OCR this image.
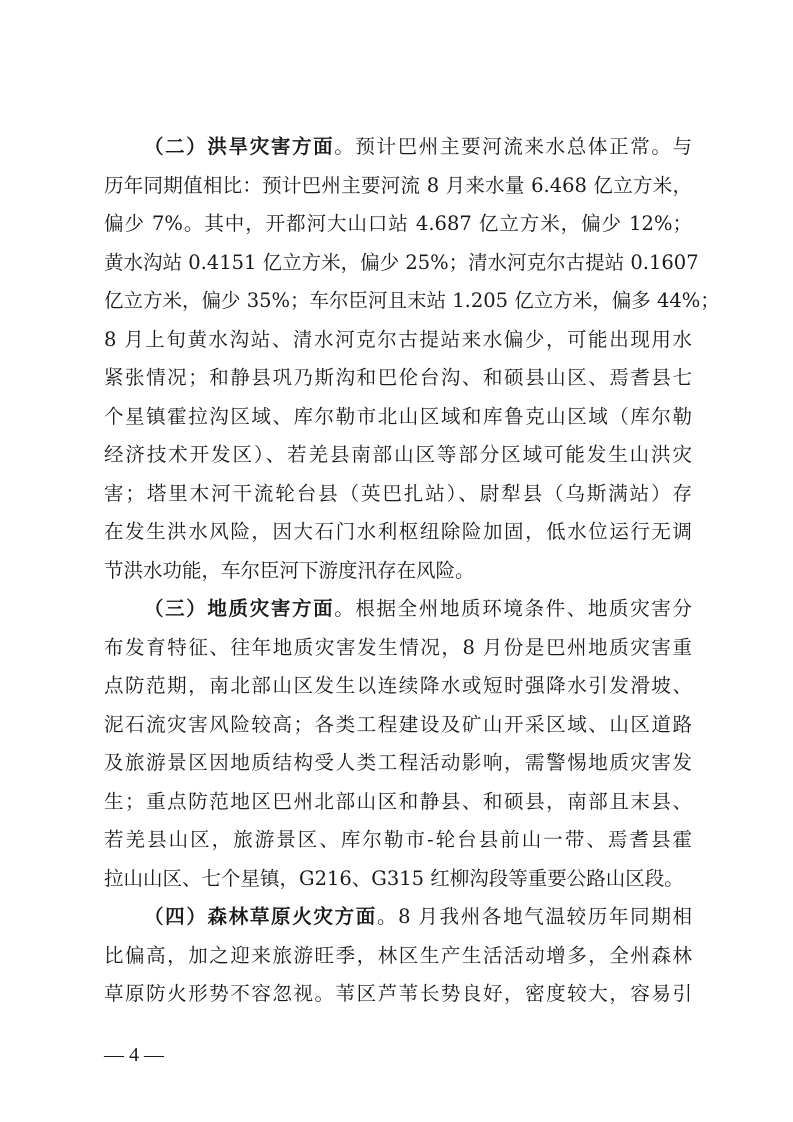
（二）洪旱灾害方面。预计巴州主要河流来水总体正常。与
历年同期值相比：预计巴州主要河流 8 月来水量 6.468 亿立方米，
偏少 7%。其中，开都河大山口站 4.687 亿立方米，偏少 12%；
黄水沟站 0.4151 亿立方米，偏少 25%；清水河克尔古提站 0.1607
亿立方米，偏少 35%；车尔臣河且末站 1.205 亿立方米，偏多 44%；
8 月上旬黄水沟站、清水河克尔古提站来水偏少，可能出现用水
紧张情况；和静县巩乃斯沟和巴伦台沟、和硕县山区、焉耆县七
个星镇霍拉沟区域、库尔勒市北山区域和库鲁克山区域（库尔勒
经济技术开发区）、若羌县南部山区等部分区域可能发生山洪灾
害；塔里木河干流轮台县（英巴扎站）、尉犁县（乌斯满站）存
在发生洪水风险，因大石门水利枢纽除险加固，低水位运行无调
节洪水功能，车尔臣河下游度汛存在风险。
（三）地质灾害方面。根据全州地质环境条件、地质灾害分
布发育特征、往年地质灾害发生情况，8 月份是巴州地质灾害重
点防范期，南北部山区发生以连续降水或短时强降水引发滑坡、
泥石流灾害风险较高；各类工程建设及矿山开采区域、山区道路
及旅游景区因地质结构受人类工程活动影响，需警惕地质灾害发
生；重点防范地区巴州北部山区和静县、和硕县，南部且末县、
若羌县山区，旅游景区、库尔勒市-轮台县前山一带、焉耆县霍
拉山山区、七个星镇，G216、G315 红柳沟段等重要公路山区段。
（四）森林草原火灾方面。8 月我州各地气温较历年同期相
比偏高，加之迎来旅游旺季，林区生产生活活动增多，全州森林
草原防火形势不容忽视。苇区芦苇长势良好，密度较大，容易引
— 4 —
